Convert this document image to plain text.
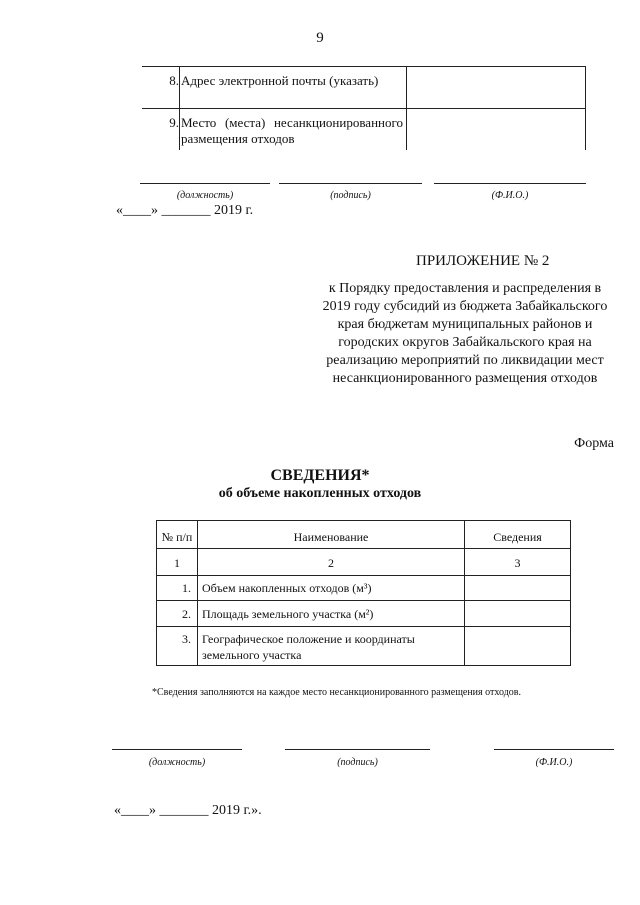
9
8. Адрес электронной почты (указать)
9. Место (места) несанкционированного размещения отходов
(должность)	(подпись)	(Ф.И.О.)
«____» _______ 2019 г.
ПРИЛОЖЕНИЕ № 2
к Порядку предоставления и распределения в 2019 году субсидий из бюджета Забайкальского края бюджетам муниципальных районов и городских округов Забайкальского края на реализацию мероприятий по ликвидации мест несанкционированного размещения отходов
Форма
СВЕДЕНИЯ*
об объеме накопленных отходов
№ п/п	Наименование	Сведения
1	2	3
1. Объем накопленных отходов (м³)
2. Площадь земельного участка (м²)
3. Географическое положение и координаты земельного участка
*Сведения заполняются на каждое место несанкционированного размещения отходов.
(должность)	(подпись)	(Ф.И.О.)
«____» _______ 2019 г.».
